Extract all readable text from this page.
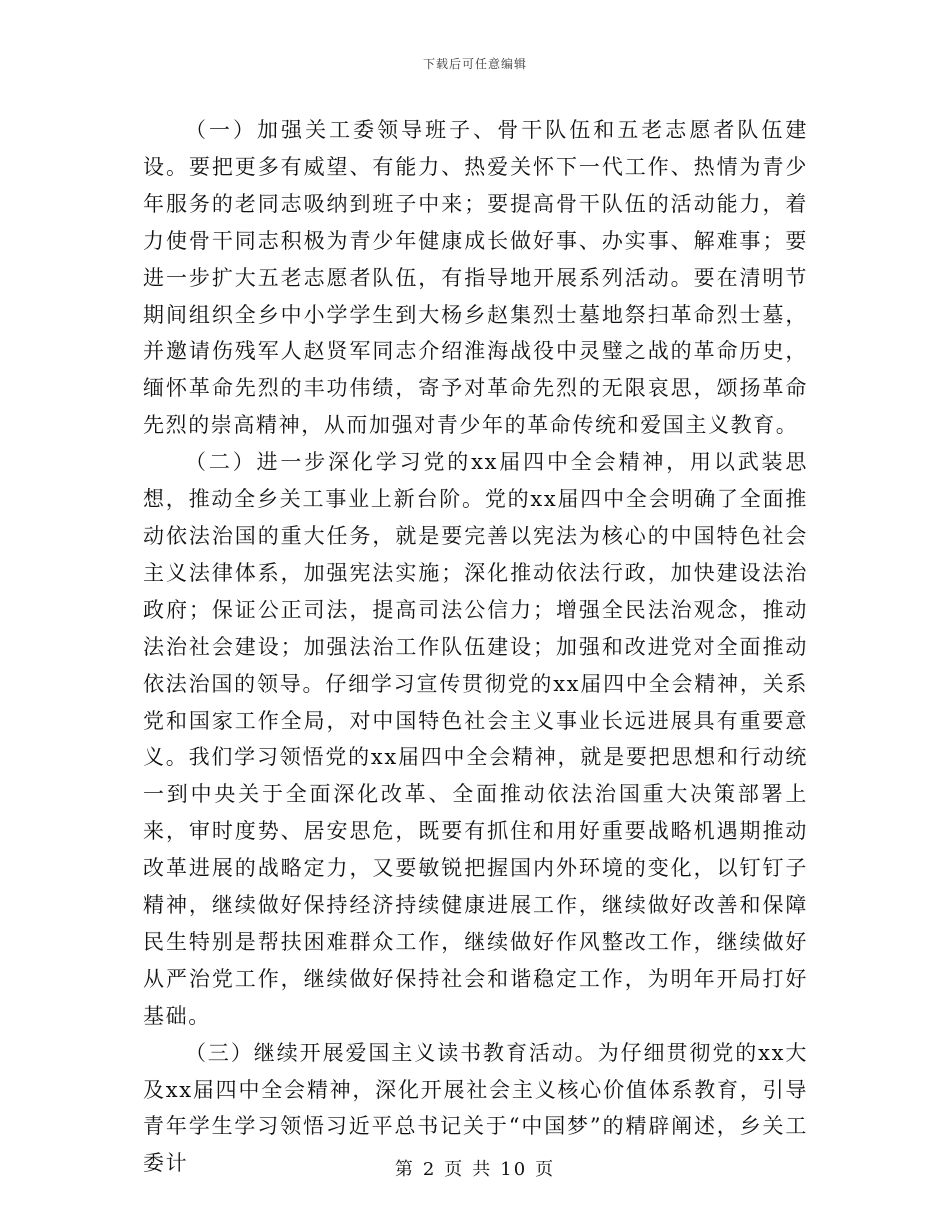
下载后可任意编辑

（一）加强关工委领导班子、骨干队伍和五老志愿者队伍建设。要把更多有威望、有能力、热爱关怀下一代工作、热情为青少年服务的老同志吸纳到班子中来；要提高骨干队伍的活动能力，着力使骨干同志积极为青少年健康成长做好事、办实事、解难事；要进一步扩大五老志愿者队伍，有指导地开展系列活动。要在清明节期间组织全乡中小学学生到大杨乡赵集烈士墓地祭扫革命烈士墓，并邀请伤残军人赵贤军同志介绍淮海战役中灵璧之战的革命历史，缅怀革命先烈的丰功伟绩，寄予对革命先烈的无限哀思，颂扬革命先烈的崇高精神，从而加强对青少年的革命传统和爱国主义教育。

（二）进一步深化学习党的xx届四中全会精神，用以武装思想，推动全乡关工事业上新台阶。党的xx届四中全会明确了全面推动依法治国的重大任务，就是要完善以宪法为核心的中国特色社会主义法律体系，加强宪法实施；深化推动依法行政，加快建设法治政府；保证公正司法，提高司法公信力；增强全民法治观念，推动法治社会建设；加强法治工作队伍建设；加强和改进党对全面推动依法治国的领导。仔细学习宣传贯彻党的xx届四中全会精神，关系党和国家工作全局，对中国特色社会主义事业长远进展具有重要意义。我们学习领悟党的xx届四中全会精神，就是要把思想和行动统一到中央关于全面深化改革、全面推动依法治国重大决策部署上来，审时度势、居安思危，既要有抓住和用好重要战略机遇期推动改革进展的战略定力，又要敏锐把握国内外环境的变化，以钉钉子精神，继续做好保持经济持续健康进展工作，继续做好改善和保障民生特别是帮扶困难群众工作，继续做好作风整改工作，继续做好从严治党工作，继续做好保持社会和谐稳定工作，为明年开局打好基础。

（三）继续开展爱国主义读书教育活动。为仔细贯彻党的xx大及xx届四中全会精神，深化开展社会主义核心价值体系教育，引导青年学生学习领悟习近平总书记关于“中国梦”的精辟阐述，乡关工委计	第 2 页 共 10 页
